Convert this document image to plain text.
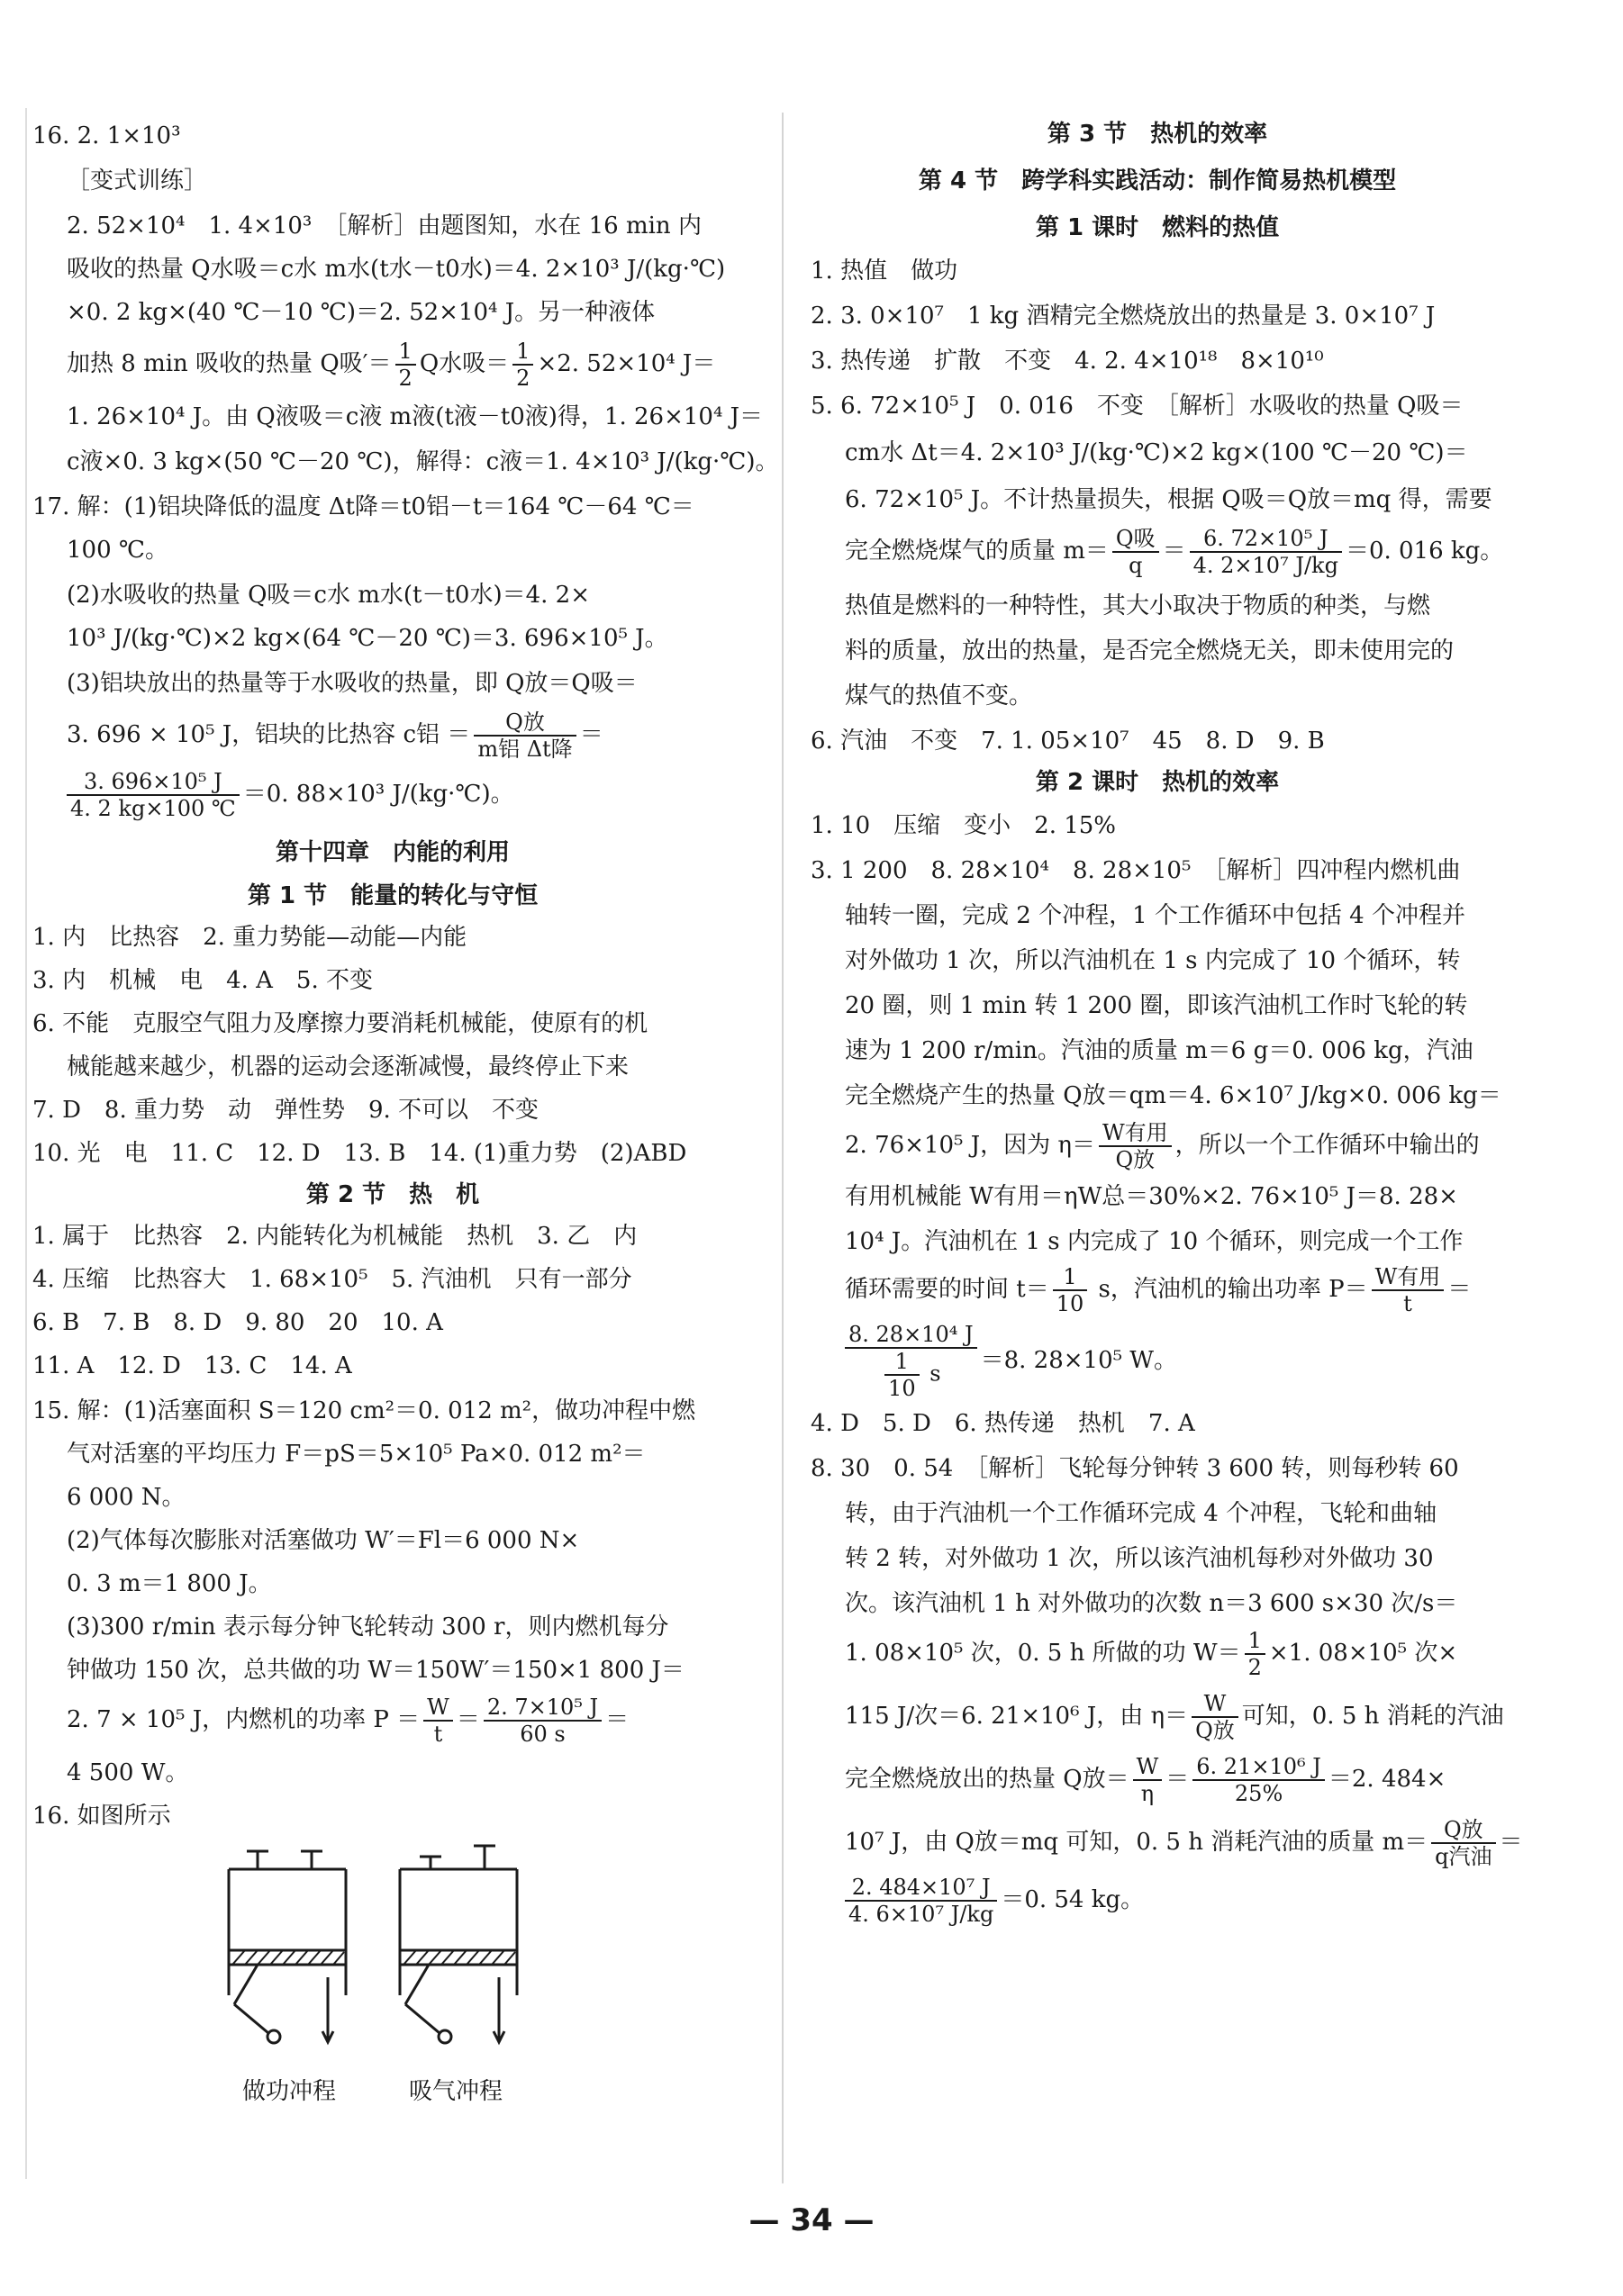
16. 2. 1×10³

［变式训练］

2. 52×10⁴　1. 4×10³　［解析］由题图知，水在 16 min 内

吸收的热量 Q水吸＝c水 m水(t水－t0水)＝4. 2×10³ J/(kg·℃)

×0. 2 kg×(40 ℃－10 ℃)＝2. 52×10⁴ J。另一种液体

加热 8 min 吸收的热量 Q吸′＝ $\frac{1}{2}$ Q水吸＝ $\frac{1}{2} \times 2$. 52×10⁴ J＝

1. 26×10⁴ J。由 Q液吸＝c液 m液(t液－t0液)得，1. 26×10⁴ J＝

c液×0. 3 kg×(50 ℃－20 ℃)，解得：c液＝1. 4×10³ J/(kg·℃)。

17. 解：(1)铝块降低的温度 Δt降＝t0铝－t＝164 ℃－64 ℃＝

100 ℃。

(2)水吸收的热量 Q吸＝c水 m水(t－t0水)＝4. 2×

10³ J/(kg·℃)×2 kg×(64 ℃－20 ℃)＝3. 696×10⁵ J。

(3)铝块放出的热量等于水吸收的热量，即 Q放＝Q吸＝

3. 696 × 10⁵ J，铝块的比热容 c铝 ＝ $\frac{\text{Q放}}{\text{m铝 Δt降}}$ ＝

$\frac{\text{3. 696×10⁵ J}}{4. 2 kg\times 100 ℃} =0$. 88×10³ J/(kg·℃)。

第十四章　内能的利用

第 1 节　能量的转化与守恒

1. 内　比热容　2. 重力势能—动能—内能

3. 内　机械　电　4. A　5. 不变

6. 不能　克服空气阻力及摩擦力要消耗机械能，使原有的机

械能越来越少，机器的运动会逐渐减慢，最终停止下来

7. D　8. 重力势　动　弹性势　9. 不可以　不变

10. 光　电　11. C　12. D　13. B　14. (1)重力势　(2)ABD

第 2 节　热　机

1. 属于　比热容　2. 内能转化为机械能　热机　3. 乙　内

4. 压缩　比热容大　1. 68×10⁵　5. 汽油机　只有一部分

6. B　7. B　8. D　9. 80　20　10. A

11. A　12. D　13. C　14. A

15. 解：(1)活塞面积 S＝120 cm²＝0. 012 m²，做功冲程中燃

气对活塞的平均压力 F＝pS＝5×10⁵ Pa×0. 012 m²＝

6 000 N。

(2)气体每次膨胀对活塞做功 W′＝Fl＝6 000 N×

0. 3 m＝1 800 J。

(3)300 r/min 表示每分钟飞轮转动 300 r，则内燃机每分

钟做功 150 次，总共做的功 W＝150W′＝150×1 800 J＝

2. 7 × 10⁵ J，内燃机的功率 $P = \frac{W}{t} = \frac{\text{2. 7×10⁵ J}}{60 s}$ ＝

4 500 W。

16. 如图所示

做功冲程	吸气冲程

第 3 节　热机的效率

第 4 节　跨学科实践活动：制作简易热机模型

第 1 课时　燃料的热值

1. 热值　做功

2. 3. 0×10⁷　1 kg 酒精完全燃烧放出的热量是 3. 0×10⁷ J

3. 热传递　扩散　不变　4. 2. 4×10¹⁸　8×10¹⁰

5. 6. 72×10⁵ J　0. 016　不变　［解析］水吸收的热量 Q吸＝

cm水 Δt＝4. 2×10³ J/(kg·℃)×2 kg×(100 ℃－20 ℃)＝

6. 72×10⁵ J。不计热量损失，根据 Q吸＝Q放＝mq 得，需要

完全燃烧煤气的质量 $m= \frac{\text{Q吸}}{q} = \frac{\text{6. 72×10⁵ J}}{\text{4. 2×10⁷ J/kg}} =0$. 016 kg。

热值是燃料的一种特性，其大小取决于物质的种类，与燃

料的质量，放出的热量，是否完全燃烧无关，即未使用完的

煤气的热值不变。

6. 汽油　不变　7. 1. 05×10⁷　45　8. D　9. B

第 2 课时　热机的效率

1. 10　压缩　变小　2. 15%

3. 1 200　8. 28×10⁴　8. 28×10⁵　［解析］四冲程内燃机曲

轴转一圈，完成 2 个冲程，1 个工作循环中包括 4 个冲程并

对外做功 1 次，所以汽油机在 1 s 内完成了 10 个循环，转

20 圈，则 1 min 转 1 200 圈，即该汽油机工作时飞轮的转

速为 1 200 r/min。汽油的质量 m＝6 g＝0. 006 kg，汽油

完全燃烧产生的热量 Q放＝qm＝4. 6×10⁷ J/kg×0. 006 kg＝

2. 76×10⁵ J，因为 $\eta= \frac{\text{W有用}}{\text{Q放}}$ ，所以一个工作循环中输出的

有用机械能 W有用＝ηW总＝30%×2. 76×10⁵ J＝8. 28×

10⁴ J。汽油机在 1 s 内完成了 10 个循环，则完成一个工作

循环需要的时间 $t= \frac{1}{10}$ s，汽油机的输出功率 $P= \frac{\text{W有用}}{t}$ ＝

$\frac{\text{8. 28×10⁴ J}}{\frac{1}{10} s} =8$. 28×10⁵ W。

4. D　5. D　6. 热传递　热机　7. A

8. 30　0. 54　［解析］飞轮每分钟转 3 600 转，则每秒转 60

转，由于汽油机一个工作循环完成 4 个冲程，飞轮和曲轴

转 2 转，对外做功 1 次，所以该汽油机每秒对外做功 30

次。该汽油机 1 h 对外做功的次数 n＝3 600 s×30 次/s＝

1. 08×10⁵ 次，0. 5 h 所做的功 $W= \frac{1}{2} \times 1$. 08×10⁵ 次×

115 J/次＝6. 21×10⁶ J，由 $\eta= \frac{W}{\text{Q放}}$ 可知，0. 5 h 消耗的汽油

完全燃烧放出的热量 Q放＝ $\frac{W}{\eta} = \frac{\text{6. 21×10⁶ J}}{25\%} =2$. 484×

10⁷ J，由 Q放＝mq 可知，0. 5 h 消耗汽油的质量 $m= \frac{\text{Q放}}{\text{q汽油}}$ ＝

$\frac{\text{2. 484×10⁷ J}}{\text{4. 6×10⁷ J/kg}} =0$. 54 kg。

— 34 —
